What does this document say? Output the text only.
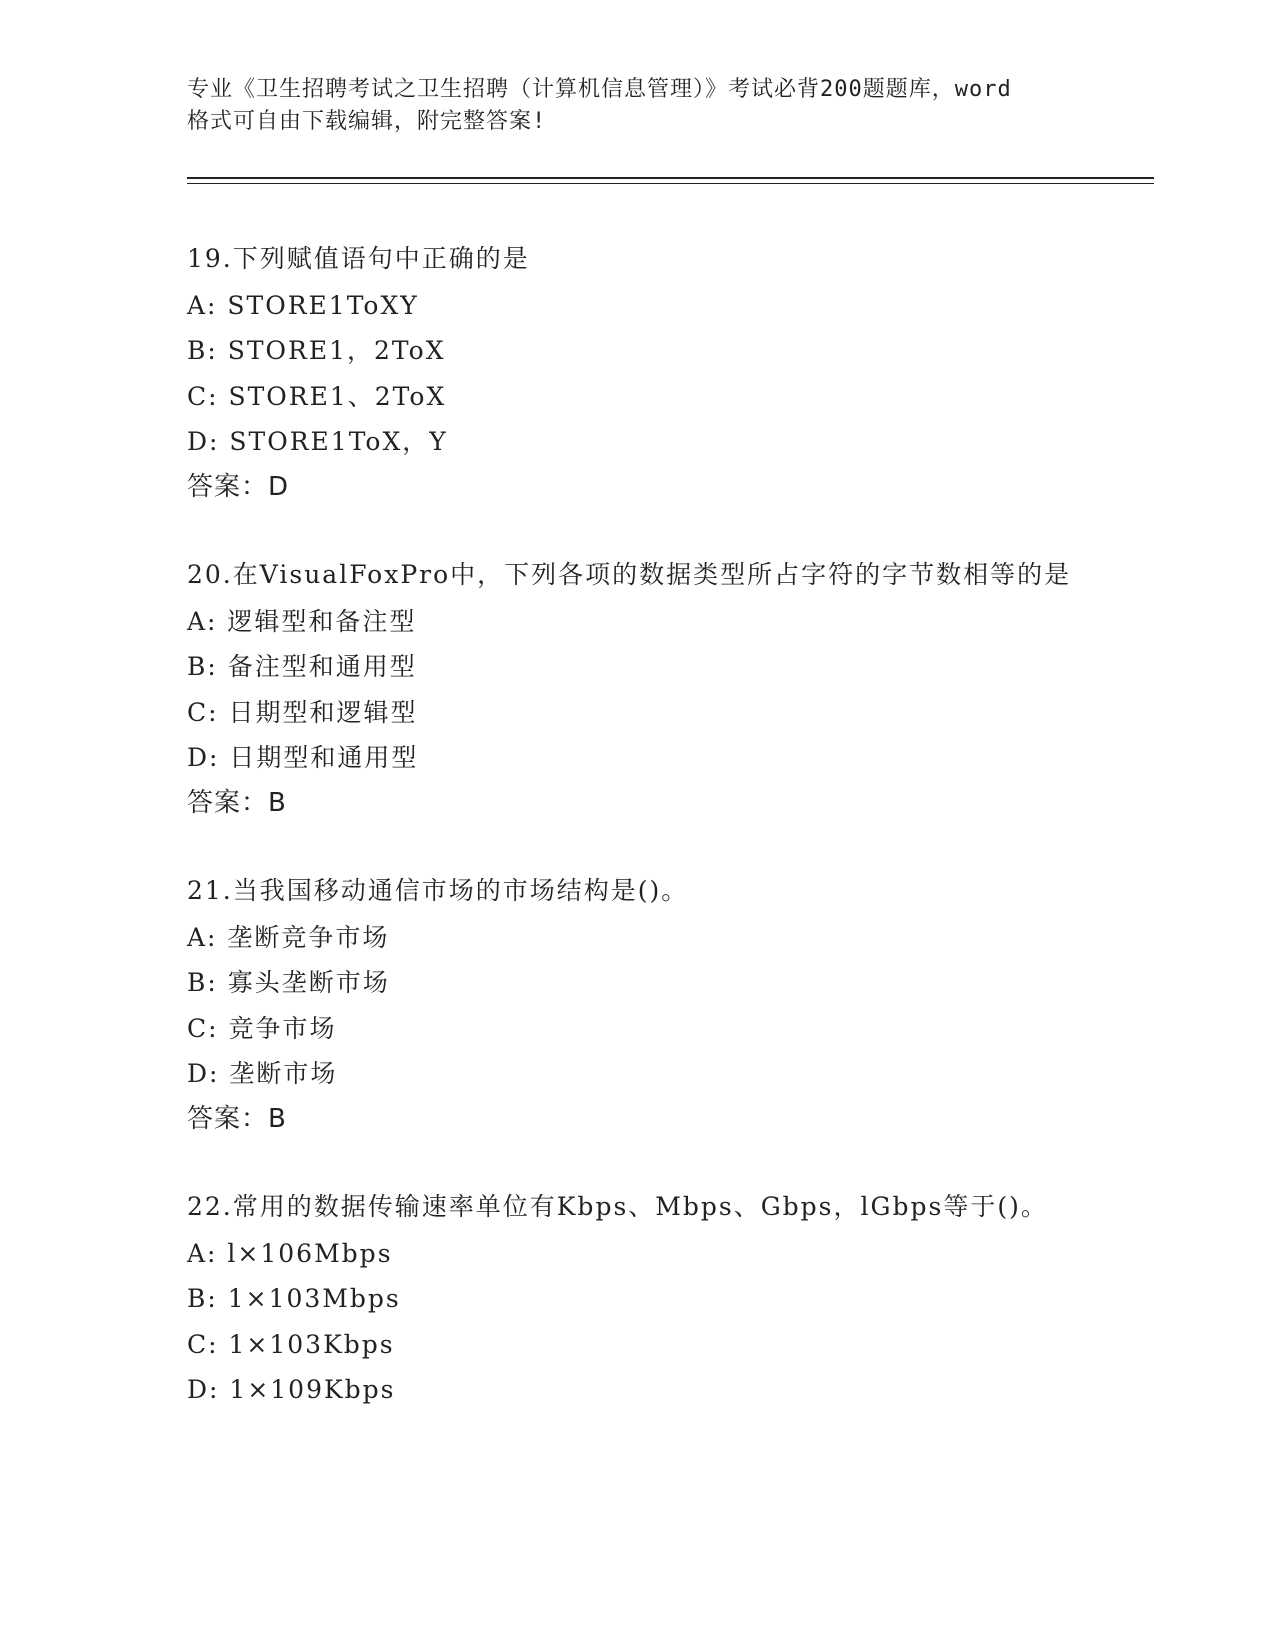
专业《卫生招聘考试之卫生招聘（计算机信息管理）》考试必背200题题库，word
格式可自由下载编辑，附完整答案!
19.下列赋值语句中正确的是
A: STORE1ToXY
B: STORE1，2ToX
C: STORE1、2ToX
D: STORE1ToX，Y
答案：D
20.在VisualFoxPro中，下列各项的数据类型所占字符的字节数相等的是
A: 逻辑型和备注型
B: 备注型和通用型
C: 日期型和逻辑型
D: 日期型和通用型
答案：B
21.当我国移动通信市场的市场结构是()。
A: 垄断竞争市场
B: 寡头垄断市场
C: 竞争市场
D: 垄断市场
答案：B
22.常用的数据传输速率单位有Kbps、Mbps、Gbps，lGbps等于()。
A: l×106Mbps
B: 1×103Mbps
C: 1×103Kbps
D: 1×109Kbps
